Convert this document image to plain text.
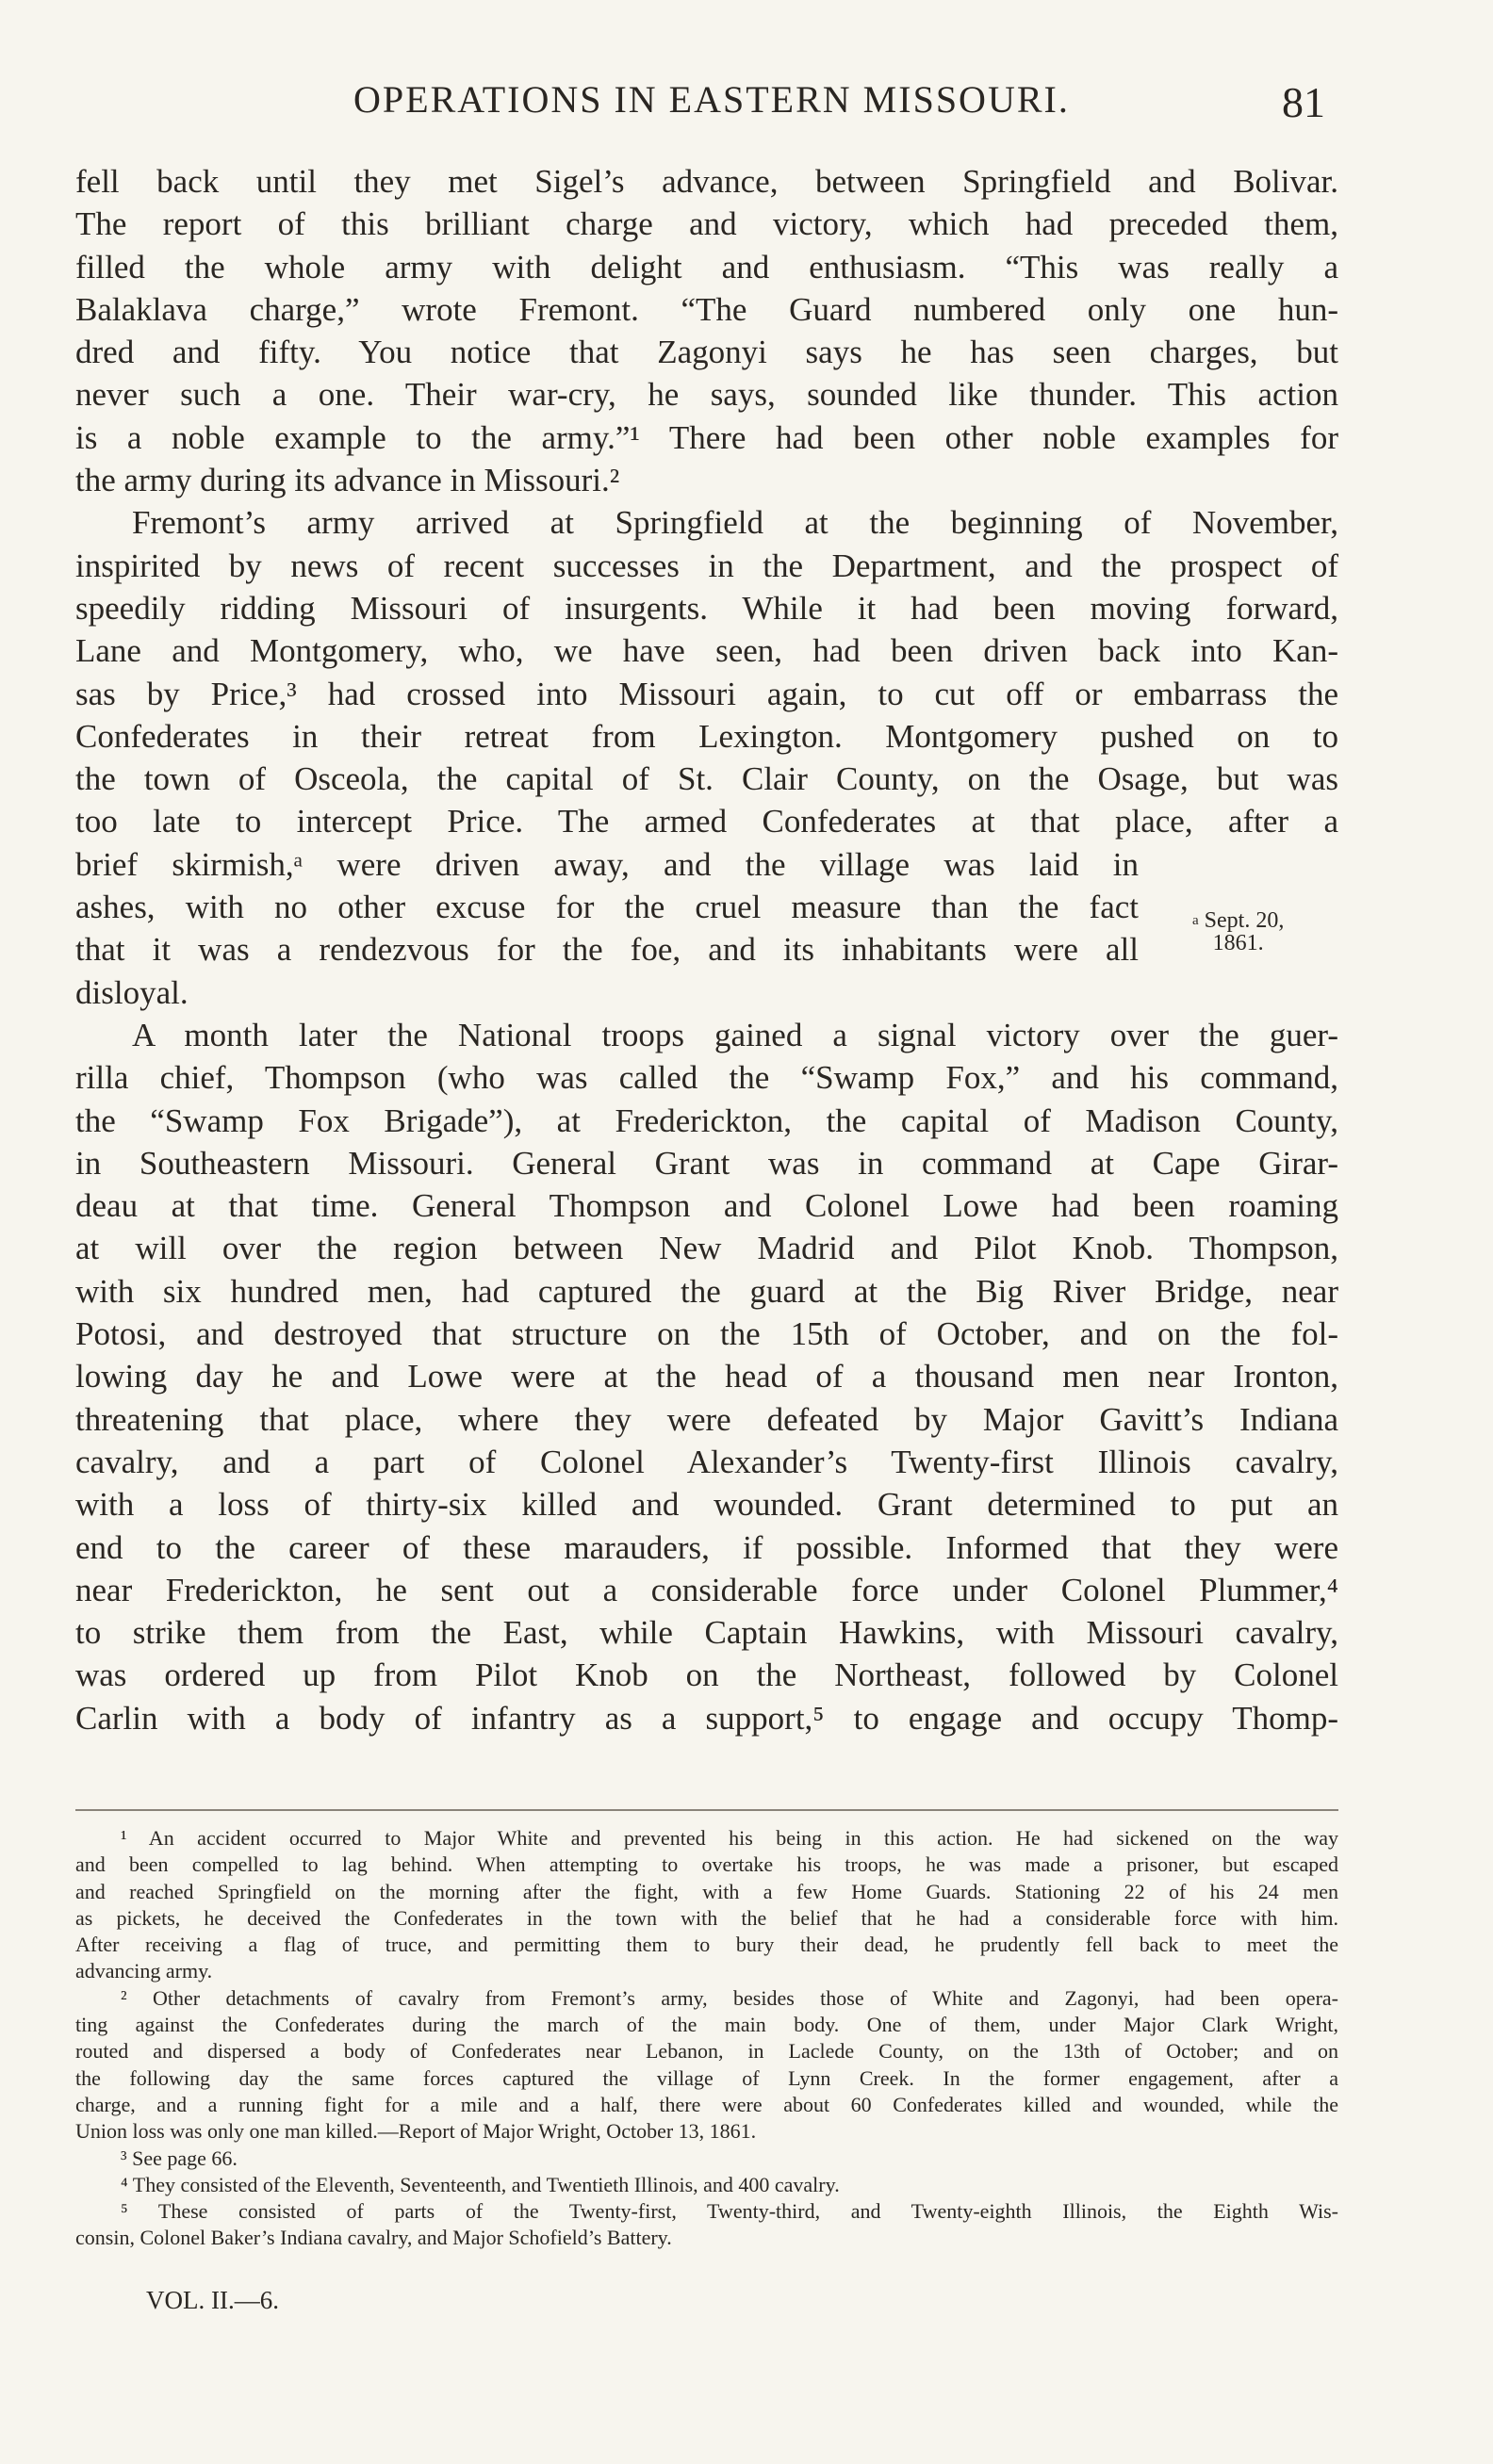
OPERATIONS IN EASTERN MISSOURI.	81
fell back until they met Sigel’s advance, between Springfield and Bolivar.
The report of this brilliant charge and victory, which had preceded them,
filled the whole army with delight and enthusiasm. “This was really a
Balaklava charge,” wrote Fremont. “The Guard numbered only one hun-
dred and fifty. You notice that Zagonyi says he has seen charges, but
never such a one. Their war-cry, he says, sounded like thunder. This action
is a noble example to the army.”¹ There had been other noble examples for
the army during its advance in Missouri.²
Fremont’s army arrived at Springfield at the beginning of November,
inspirited by news of recent successes in the Department, and the prospect of
speedily ridding Missouri of insurgents. While it had been moving forward,
Lane and Montgomery, who, we have seen, had been driven back into Kan-
sas by Price,³ had crossed into Missouri again, to cut off or embarrass the
Confederates in their retreat from Lexington. Montgomery pushed on to
the town of Osceola, the capital of St. Clair County, on the Osage, but was
too late to intercept Price. The armed Confederates at that place, after a
brief skirmish,ᵃ were driven away, and the village was laid in
ashes, with no other excuse for the cruel measure than the fact
that it was a rendezvous for the foe, and its inhabitants were all
disloyal.
A month later the National troops gained a signal victory over the guer-
rilla chief, Thompson (who was called the “Swamp Fox,” and his command,
the “Swamp Fox Brigade”), at Frederickton, the capital of Madison County,
in Southeastern Missouri. General Grant was in command at Cape Girar-
deau at that time. General Thompson and Colonel Lowe had been roaming
at will over the region between New Madrid and Pilot Knob. Thompson,
with six hundred men, had captured the guard at the Big River Bridge, near
Potosi, and destroyed that structure on the 15th of October, and on the fol-
lowing day he and Lowe were at the head of a thousand men near Ironton,
threatening that place, where they were defeated by Major Gavitt’s Indiana
cavalry, and a part of Colonel Alexander’s Twenty-first Illinois cavalry,
with a loss of thirty-six killed and wounded. Grant determined to put an
end to the career of these marauders, if possible. Informed that they were
near Frederickton, he sent out a considerable force under Colonel Plummer,⁴
to strike them from the East, while Captain Hawkins, with Missouri cavalry,
was ordered up from Pilot Knob on the Northeast, followed by Colonel
Carlin with a body of infantry as a support,⁵ to engage and occupy Thomp-
$^a$ Sept. 20,
1861.
¹ An accident occurred to Major White and prevented his being in this action. He had sickened on the way
and been compelled to lag behind. When attempting to overtake his troops, he was made a prisoner, but escaped
and reached Springfield on the morning after the fight, with a few Home Guards. Stationing 22 of his 24 men
as pickets, he deceived the Confederates in the town with the belief that he had a considerable force with him.
After receiving a flag of truce, and permitting them to bury their dead, he prudently fell back to meet the
advancing army.
² Other detachments of cavalry from Fremont’s army, besides those of White and Zagonyi, had been opera-
ting against the Confederates during the march of the main body. One of them, under Major Clark Wright,
routed and dispersed a body of Confederates near Lebanon, in Laclede County, on the 13th of October; and on
the following day the same forces captured the village of Lynn Creek. In the former engagement, after a
charge, and a running fight for a mile and a half, there were about 60 Confederates killed and wounded, while the
Union loss was only one man killed.—Report of Major Wright, October 13, 1861.
³ See page 66.
⁴ They consisted of the Eleventh, Seventeenth, and Twentieth Illinois, and 400 cavalry.
⁵ These consisted of parts of the Twenty-first, Twenty-third, and Twenty-eighth Illinois, the Eighth Wis-
consin, Colonel Baker’s Indiana cavalry, and Major Schofield’s Battery.
VOL. II.—6.
